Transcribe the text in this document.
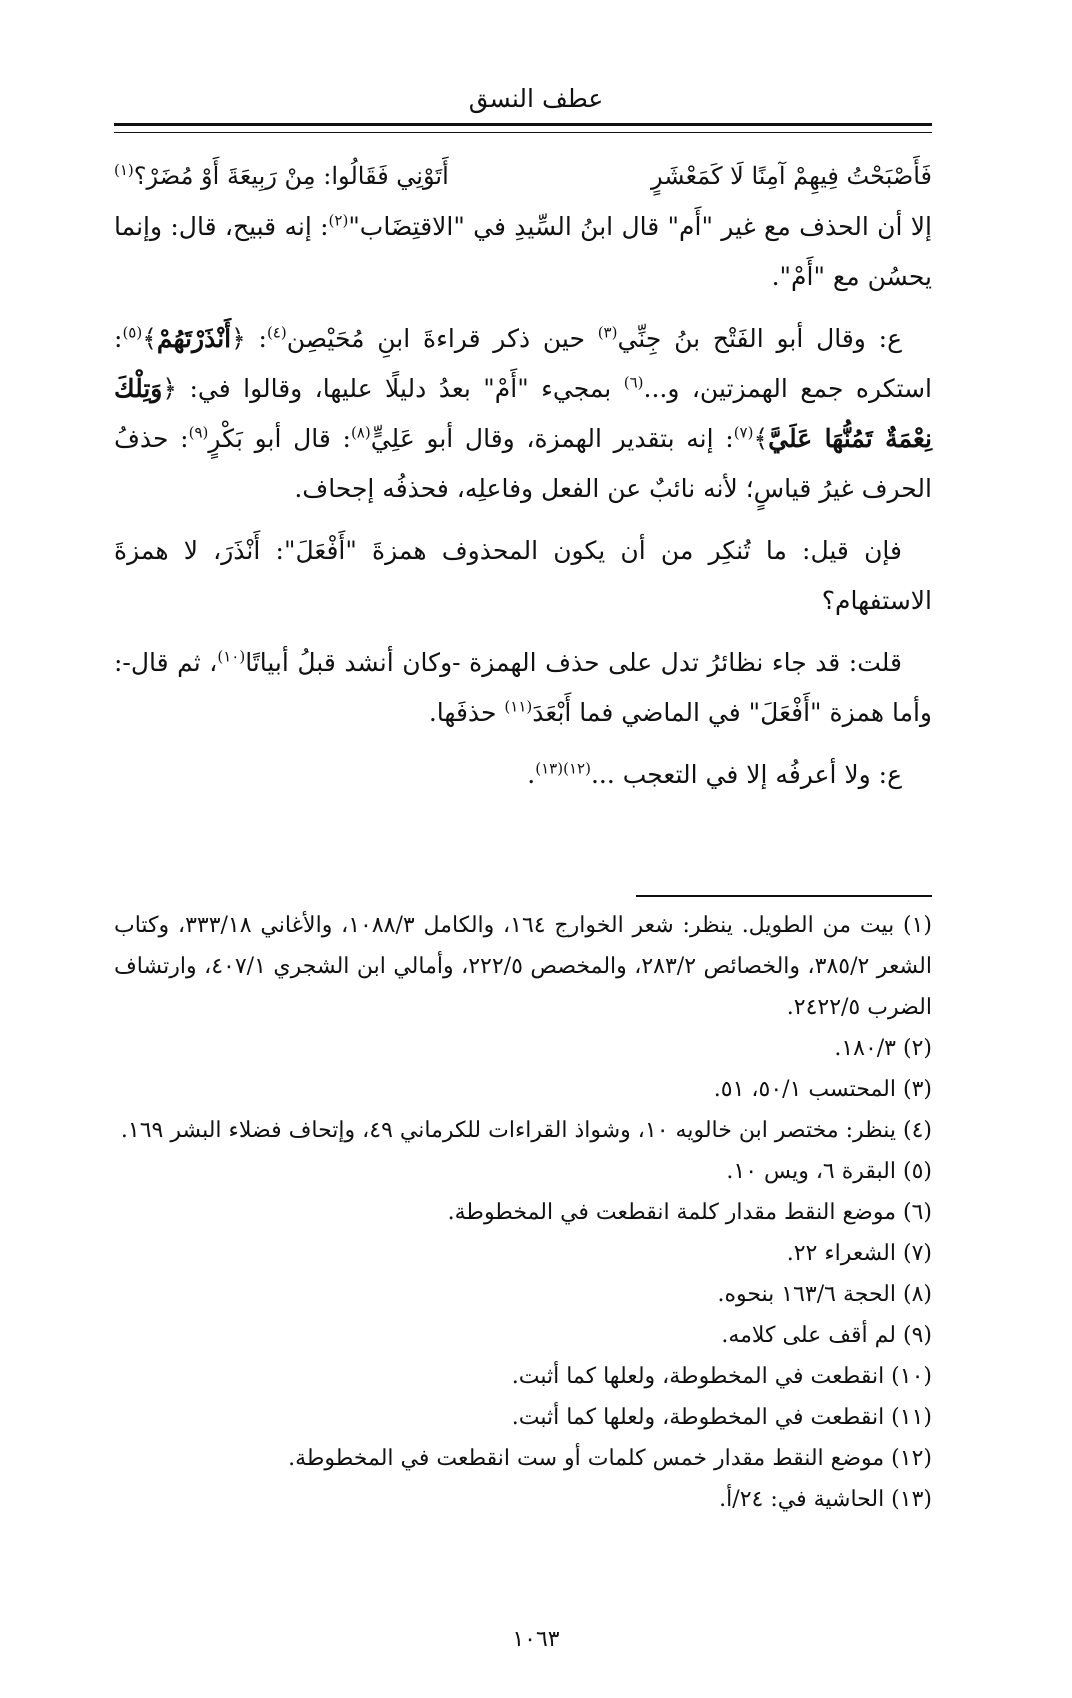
عطف النسق
فَأَصْبَحْتُ فِيهِمْ آمِنًا لَا كَمَعْشَرٍ
أَتَوْنِي فَقَالُوا: مِنْ رَبِيعَةَ أَوْ مُضَرْ؟$^{(١)}$

إلا أن الحذف مع غير "أَم" قال ابنُ السِّيدِ في "الاقتِضَاب"$^{(٢)}$: إنه قبيح، قال: وإنما يحسُن مع "أَمْ".

ع: وقال أبو الفَتْح بنُ جِنِّي$^{(٣)}$ حين ذكر قراءةَ ابنِ مُحَيْصِن$^{(٤)}$: ﴿أَنْذَرْتَهُمْ﴾$^{(٥)}$: استكره جمع الهمزتين، و...$^{(٦)}$ بمجيء "أَمْ" بعدُ دليلًا عليها، وقالوا في: ﴿وَتِلْكَ نِعْمَةٌ تَمُنُّهَا عَلَيَّ﴾$^{(٧)}$: إنه بتقدير الهمزة، وقال أبو عَلِيٍّ$^{(٨)}$: قال أبو بَكْرٍ$^{(٩)}$: حذفُ الحرف غيرُ قياسٍ؛ لأنه نائبٌ عن الفعل وفاعلِه، فحذفُه إجحاف.

فإن قيل: ما تُنكِر من أن يكون المحذوف همزةَ "أَفْعَلَ": أَنْذَرَ، لا همزةَ الاستفهام؟

قلت: قد جاء نظائرُ تدل على حذف الهمزة -وكان أنشد قبلُ أبياتًا$^{(١٠)}$، ثم قال-: وأما همزة "أَفْعَلَ" في الماضي فما أَبْعَدَ$^{(١١)}$ حذفَها.

ع: ولا أعرفُه إلا في التعجب ...$^{(١٢)(١٣)}$.

(١) بيت من الطويل. ينظر: شعر الخوارج ١٦٤، والكامل ١٠٨٨/٣، والأغاني ٣٣٣/١٨، وكتاب الشعر ٣٨٥/٢، والخصائص ٢٨٣/٢، والمخصص ٢٢٢/٥، وأمالي ابن الشجري ٤٠٧/١، وارتشاف الضرب ٢٤٢٢/٥.

(٢) ١٨٠/٣.

(٣) المحتسب ٥٠/١، ٥١.

(٤) ينظر: مختصر ابن خالويه ١٠، وشواذ القراءات للكرماني ٤٩، وإتحاف فضلاء البشر ١٦٩.

(٥) البقرة ٦، ويس ١٠.

(٦) موضع النقط مقدار كلمة انقطعت في المخطوطة.

(٧) الشعراء ٢٢.

(٨) الحجة ١٦٣/٦ بنحوه.

(٩) لم أقف على كلامه.

(١٠) انقطعت في المخطوطة، ولعلها كما أثبت.

(١١) انقطعت في المخطوطة، ولعلها كما أثبت.

(١٢) موضع النقط مقدار خمس كلمات أو ست انقطعت في المخطوطة.

(١٣) الحاشية في: ٢٤/أ.

١٠٦٣
